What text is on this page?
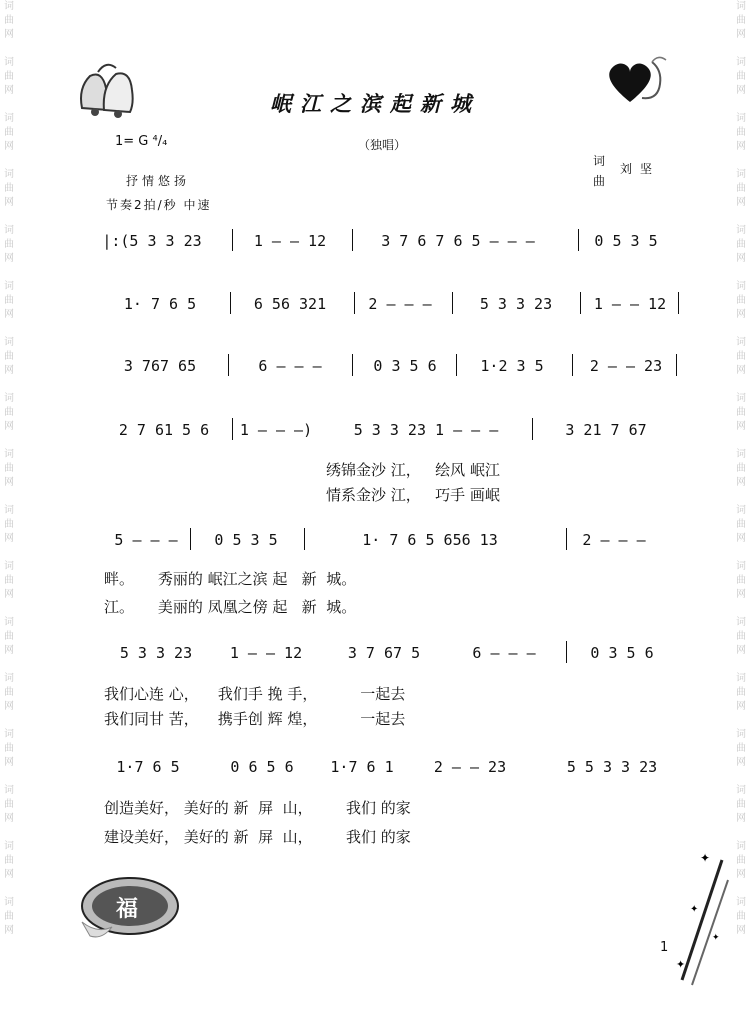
词
曲
网

词
曲
网

词
曲
网

词
曲
网

词
曲
网

词
曲
网

词
曲
网

词
曲
网

词
曲
网

词
曲
网

词
曲
网

词
曲
网

词
曲
网

词
曲
网

词
曲
网

词
曲
网

词
曲
网

词
曲
网

词
曲
网

词
曲
网

词
曲
网

词
曲
网

词
曲
网

词
曲
网

词
曲
网

词
曲
网

词
曲
网

词
曲
网

词
曲
网

词
曲
网

词
曲
网

词
曲
网

词
曲
网

词
曲
网

岷江之滨起新城
（独唱）
1= G ⁴/₄
抒情悠扬
节奏2拍/秒 中速
词
曲
刘坚
|:(5 3 3 23	1 — — 12	3 7 6 7 6 5 — — —	0 5 3 5
1· 7 6 5	6 56 321	2 — — —	5 3 3 23	1 — — 12
3 767 65	6 — — —	0 3 5 6	1·2 3 5	2 — — 23
2 7 61 5 6 1 — — —)	5 3 3 23 1 — — —	3 21 7 67
绣锦金沙 江，   绘风 岷江
情系金沙 江，   巧手 画岷
5 — — — 0 5 3 5	1· 7 6 5 656 13	2 — — —
畔。     秀丽的 岷江之滨 起   新  城。
江。     美丽的 凤凰之傍 起   新  城。
5 3 3 23	1 — — 12	3 7 67 5	6 — — —	0 3 5 6
我们心连 心，    我们手 挽 手，         一起去
我们同甘 苦，    携手创 辉 煌，         一起去
1·7 6 5	0 6 5 6 1·7 6 1	2 — — 23	5 5 3 3 23
创造美好， 美好的 新  屏  山，       我们 的家
建设美好， 美好的 新  屏  山，       我们 的家
福
1
✦
✦
✦
✦
